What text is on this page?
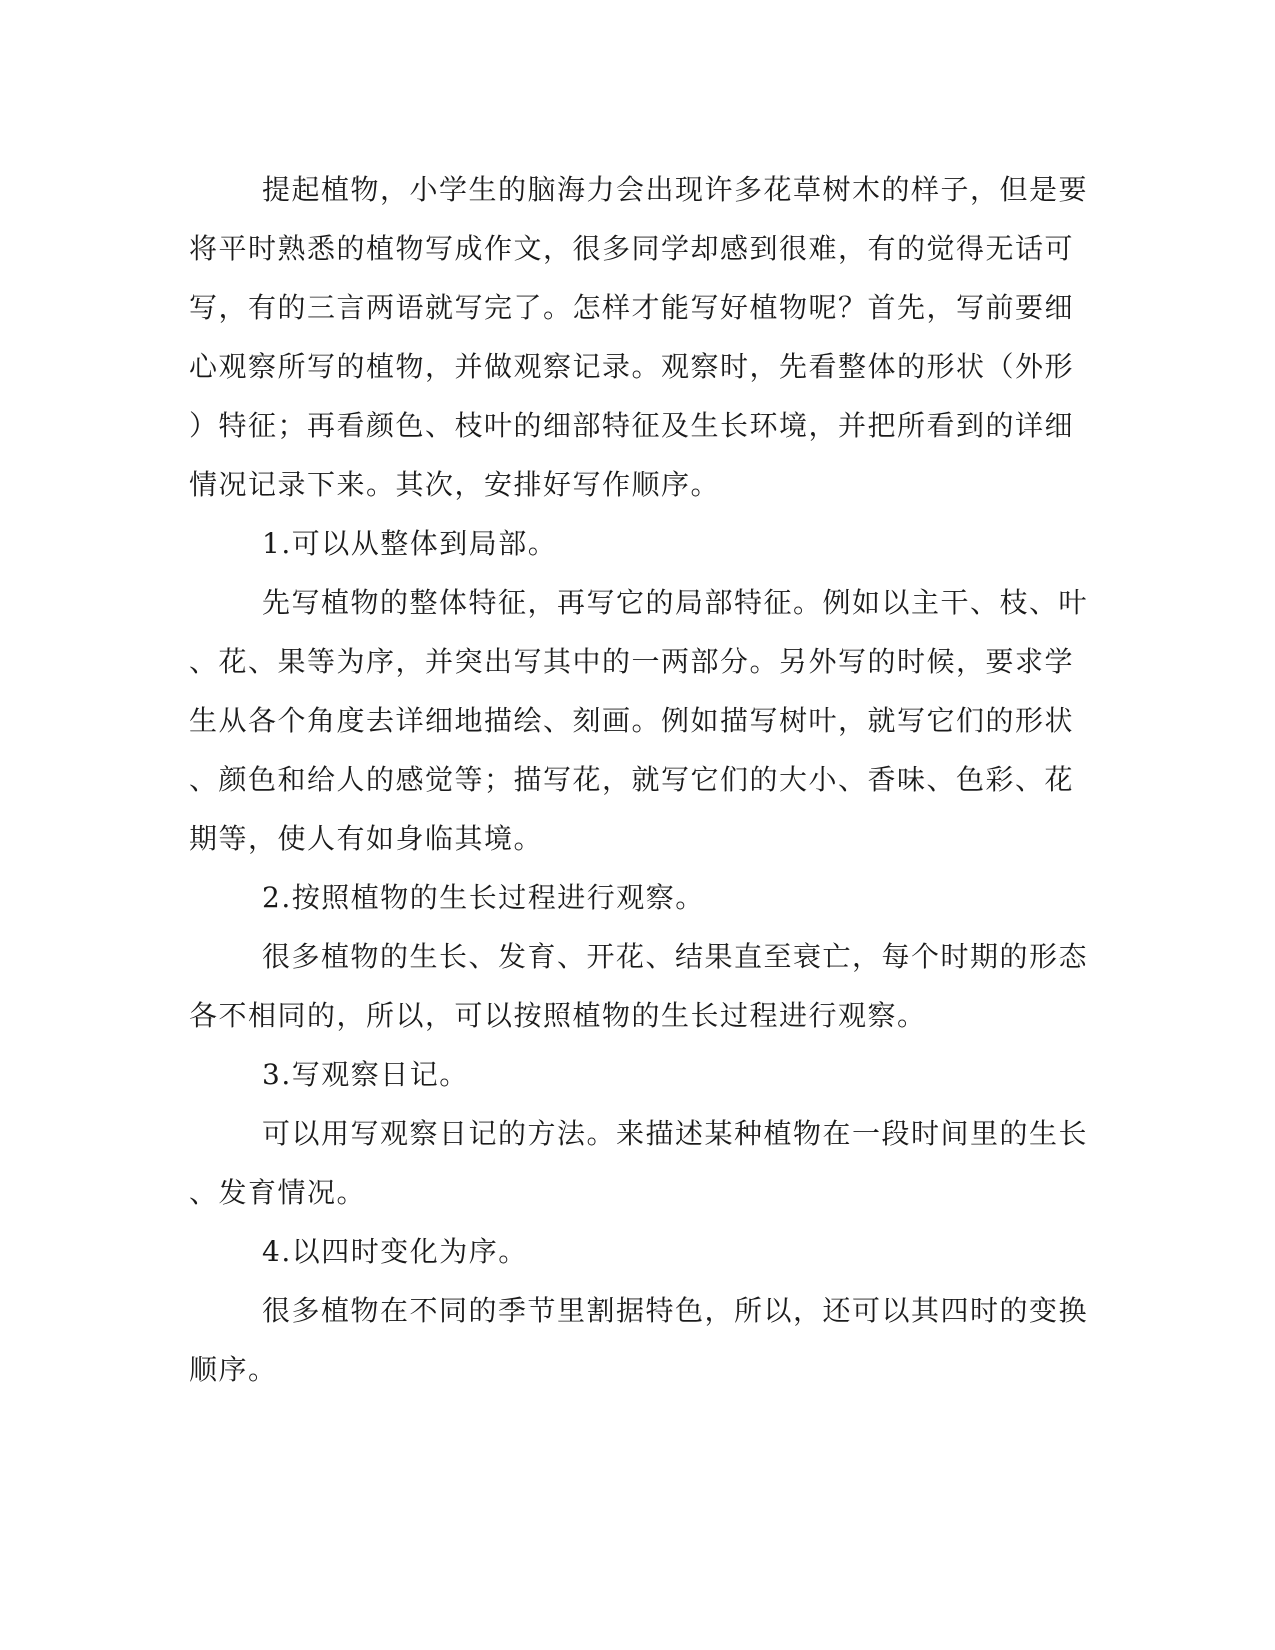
提起植物，小学生的脑海力会出现许多花草树木的样子，但是要
将平时熟悉的植物写成作文，很多同学却感到很难，有的觉得无话可
写，有的三言两语就写完了。怎样才能写好植物呢？首先，写前要细
心观察所写的植物，并做观察记录。观察时，先看整体的形状（外形
）特征；再看颜色、枝叶的细部特征及生长环境，并把所看到的详细
情况记录下来。其次，安排好写作顺序。
1.可以从整体到局部。
先写植物的整体特征，再写它的局部特征。例如以主干、枝、叶
、花、果等为序，并突出写其中的一两部分。另外写的时候，要求学
生从各个角度去详细地描绘、刻画。例如描写树叶，就写它们的形状
、颜色和给人的感觉等；描写花，就写它们的大小、香味、色彩、花
期等，使人有如身临其境。
2.按照植物的生长过程进行观察。
很多植物的生长、发育、开花、结果直至衰亡，每个时期的形态
各不相同的，所以，可以按照植物的生长过程进行观察。
3.写观察日记。
可以用写观察日记的方法。来描述某种植物在一段时间里的生长
、发育情况。
4.以四时变化为序。
很多植物在不同的季节里割据特色，所以，还可以其四时的变换
顺序。
